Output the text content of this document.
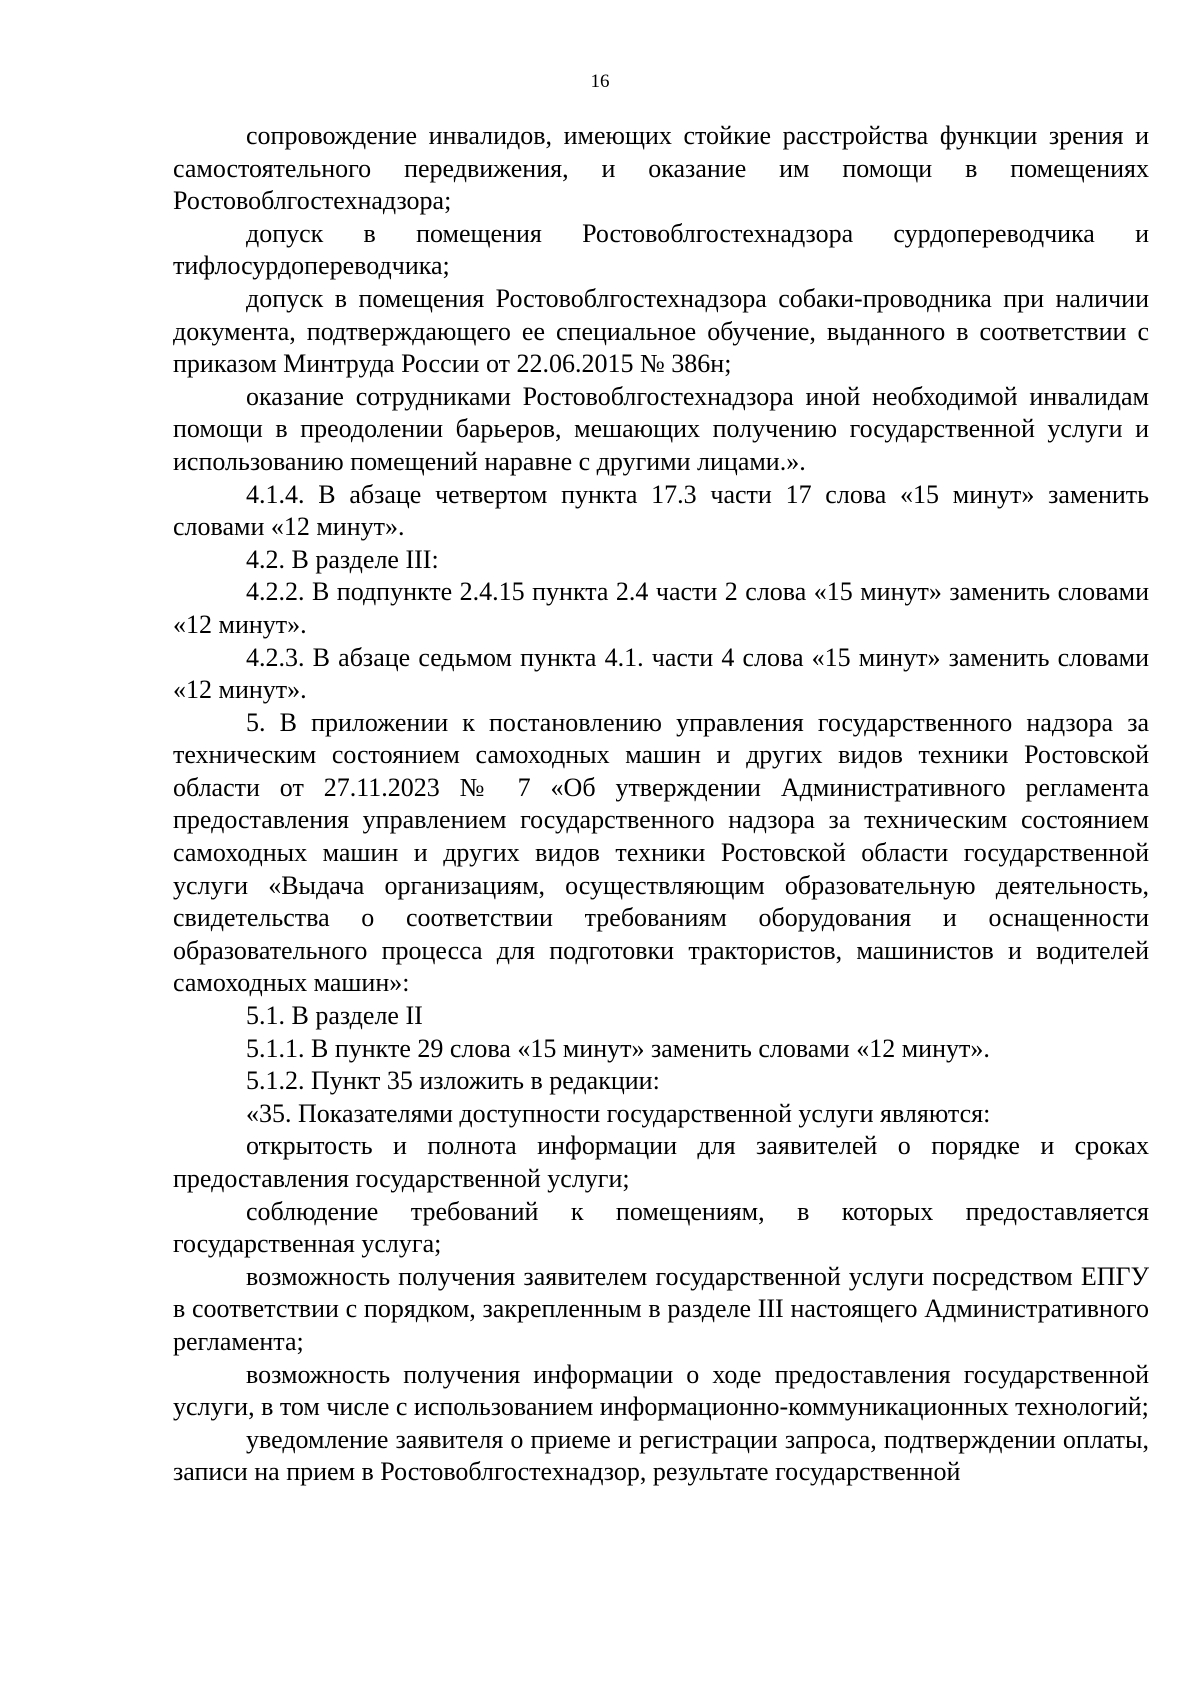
16

сопровождение инвалидов, имеющих стойкие расстройства функции зрения и самостоятельного передвижения, и оказание им помощи в помещениях Ростовоблгостехнадзора;

допуск в помещения Ростовоблгостехнадзора сурдопереводчика и тифлосурдопереводчика;

допуск в помещения Ростовоблгостехнадзора собаки-проводника при наличии документа, подтверждающего ее специальное обучение, выданного в соответствии с приказом Минтруда России от 22.06.2015 № 386н;

оказание сотрудниками Ростовоблгостехнадзора иной необходимой инвалидам помощи в преодолении барьеров, мешающих получению государственной услуги и использованию помещений наравне с другими лицами.».

4.1.4. В абзаце четвертом пункта 17.3 части 17 слова «15 минут» заменить словами «12 минут».

4.2. В разделе III:

4.2.2. В подпункте 2.4.15 пункта 2.4 части 2 слова «15 минут» заменить словами «12 минут».

4.2.3. В абзаце седьмом пункта 4.1. части 4 слова «15 минут» заменить словами «12 минут».

5. В приложении к постановлению управления государственного надзора за техническим состоянием самоходных машин и других видов техники Ростовской области от 27.11.2023 № 7 «Об утверждении Административного регламента предоставления управлением государственного надзора за техническим состоянием самоходных машин и других видов техники Ростовской области государственной услуги «Выдача организациям, осуществляющим образовательную деятельность, свидетельства о соответствии требованиям оборудования и оснащенности образовательного процесса для подготовки трактористов, машинистов и водителей самоходных машин»:

5.1. В разделе II

5.1.1. В пункте 29 слова «15 минут» заменить словами «12 минут».

5.1.2. Пункт 35 изложить в редакции:

«35. Показателями доступности государственной услуги являются:

открытость и полнота информации для заявителей о порядке и сроках предоставления государственной услуги;

соблюдение требований к помещениям, в которых предоставляется государственная услуга;

возможность получения заявителем государственной услуги посредством ЕПГУ в соответствии с порядком, закрепленным в разделе III настоящего Административного регламента;

возможность получения информации о ходе предоставления государственной услуги, в том числе с использованием информационно-коммуникационных технологий;

уведомление заявителя о приеме и регистрации запроса, подтверждении оплаты, записи на прием в Ростовоблгостехнадзор, результате государственной
